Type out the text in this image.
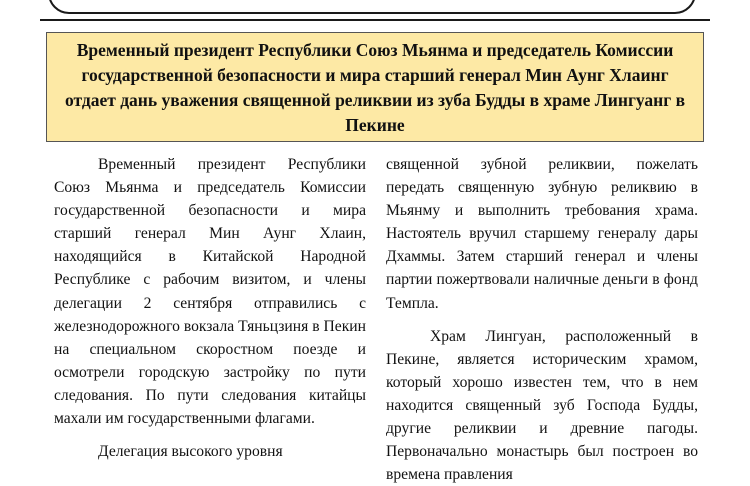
Временный президент Республики Союз Мьянма и председатель Комиссии государственной безопасности и мира старший генерал Мин Аунг Хлаинг отдает дань уважения священной реликвии из зуба Будды в храме Лингуанг в Пекине

Временный президент Республики Союз Мьянма и председатель Комиссии государственной безопасности и мира старший генерал Мин Аунг Хлаин, находящийся в Китайской Народной Республике с рабочим визитом, и члены делегации 2 сентября отправились с железнодорожного вокзала Тяньцзиня в Пекин на специальном скоростном поезде и осмотрели городскую застройку по пути следования. По пути следования китайцы махали им государственными флагами.

Делегация высокого уровня

священной зубной реликвии, пожелать передать священную зубную реликвию в Мьянму и выполнить требования храма. Настоятель вручил старшему генералу дары Дхаммы. Затем старший генерал и члены партии пожертвовали наличные деньги в фонд Темпла.

Храм Лингуан, расположенный в Пекине, является историческим храмом, который хорошо известен тем, что в нем находится священный зуб Господа Будды, другие реликвии и древние пагоды. Первоначально монастырь был построен во времена правления
